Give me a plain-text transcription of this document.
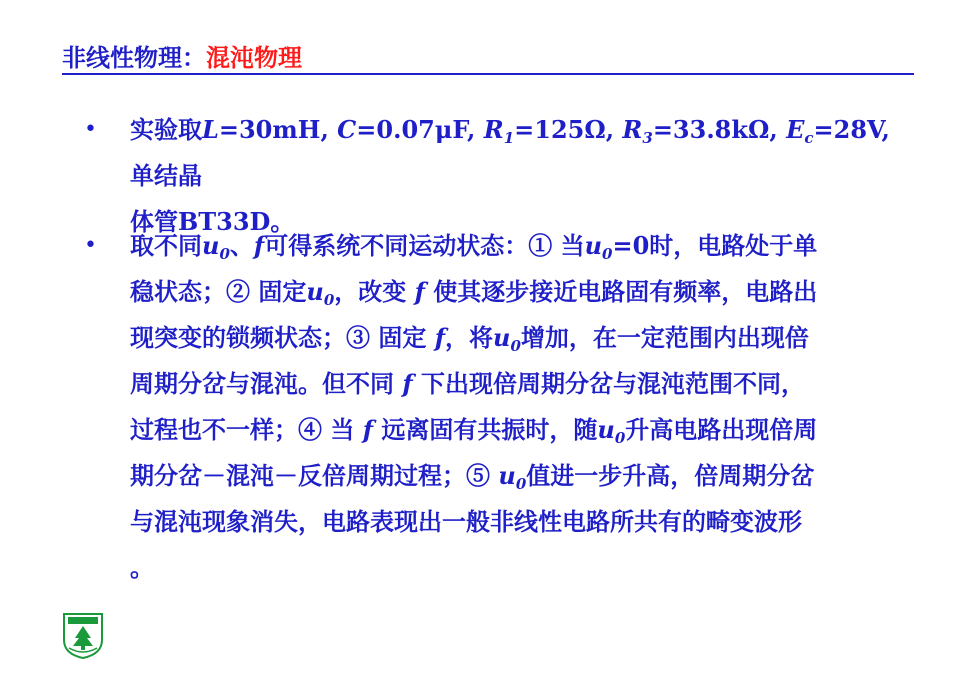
非线性物理：混沌物理
• 实验取L=30mH, C=0.07μF, $R_1=125\Omega$, $R_3=33.8k\Omega$, $E_c=28V$, 单结晶
体管BT33D。
• 取不同$u_0$、f可得系统不同运动状态：① 当$u_0=0$时，电路处于单
稳状态；② 固定$u_0$，改变 f 使其逐步接近电路固有频率，电路出
现突变的锁频状态；③ 固定 f，将$u_0$增加，在一定范围内出现倍
周期分岔与混沌。但不同 f 下出现倍周期分岔与混沌范围不同，
过程也不一样；④ 当 f 远离固有共振时，随$u_0$升高电路出现倍周
期分岔－混沌－反倍周期过程；⑤ $u_0$值进一步升高，倍周期分岔
与混沌现象消失，电路表现出一般非线性电路所共有的畸变波形
。
